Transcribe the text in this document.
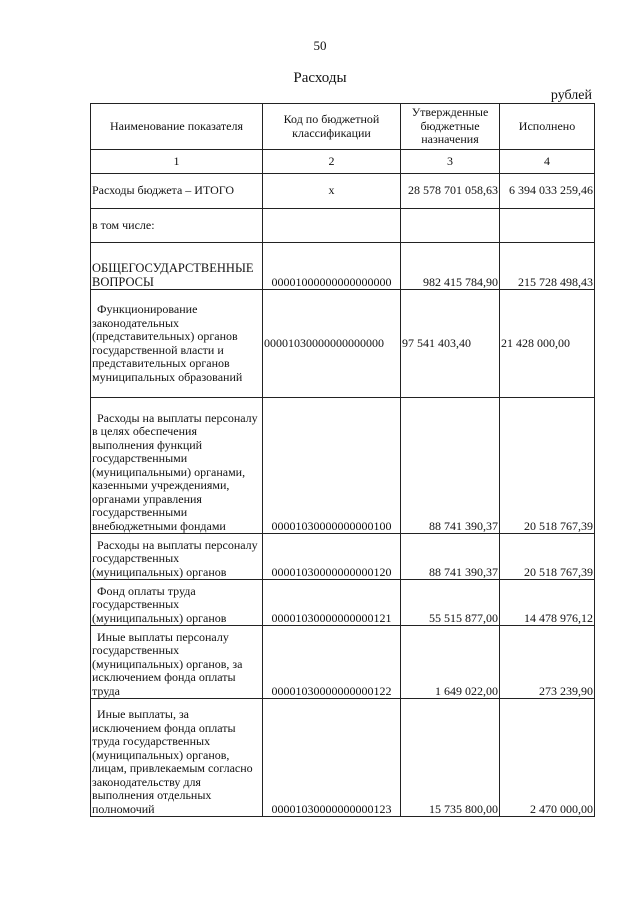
50
Расходы
рублей
Наименование показателя	Код по бюджетной классификации	Утвержденные бюджетные назначения	Исполнено
1	2	3	4
Расходы бюджета – ИТОГО	x	28 578 701 058,63	6 394 033 259,46
в том числе:			
ОБЩЕГОСУДАРСТВЕННЫЕ ВОПРОСЫ	00001000000000000000	982 415 784,90	215 728 498,43
Функционирование законодательных (представительных) органов государственной власти и представительных органов муниципальных образований	00001030000000000000	97 541 403,40	21 428 000,00
Расходы на выплаты персоналу в целях обеспечения выполнения функций государственными (муниципальными) органами, казенными учреждениями, органами управления государственными внебюджетными фондами	00001030000000000100	88 741 390,37	20 518 767,39
Расходы на выплаты персоналу государственных (муниципальных) органов	00001030000000000120	88 741 390,37	20 518 767,39
Фонд оплаты труда государственных (муниципальных) органов	00001030000000000121	55 515 877,00	14 478 976,12
Иные выплаты персоналу государственных (муниципальных) органов, за исключением фонда оплаты труда	00001030000000000122	1 649 022,00	273 239,90
Иные выплаты, за исключением фонда оплаты труда государственных (муниципальных) органов, лицам, привлекаемым согласно законодательству для выполнения отдельных полномочий	00001030000000000123	15 735 800,00	2 470 000,00
